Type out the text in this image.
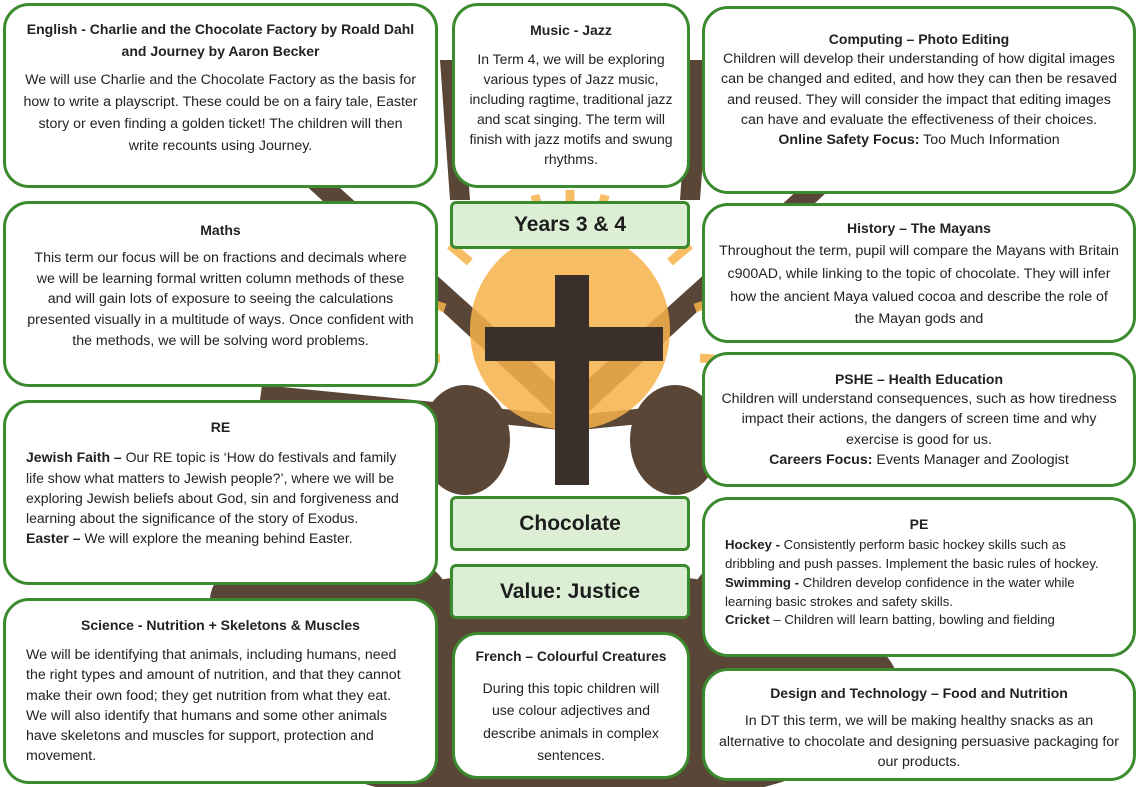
English - Charlie and the Chocolate Factory by Roald Dahl and Journey by Aaron Becker

We will use Charlie and the Chocolate Factory as the basis for how to write a playscript. These could be on a fairy tale, Easter story or even finding a golden ticket! The children will then write recounts using Journey.

Music - Jazz

In Term 4, we will be exploring various types of Jazz music, including ragtime, traditional jazz and scat singing. The term will finish with jazz motifs and swung rhythms.

Computing – Photo Editing

Children will develop their understanding of how digital images can be changed and edited, and how they can then be resaved and reused. They will consider the impact that editing images can have and evaluate the effectiveness of their choices.

Online Safety Focus: Too Much Information

Years 3 & 4
Maths

This term our focus will be on fractions and decimals where we will be learning formal written column methods of these and will gain lots of exposure to seeing the calculations presented visually in a multitude of ways. Once confident with the methods, we will be solving word problems.

History – The Mayans

Throughout the term, pupil will compare the Mayans with Britain c900AD, while linking to the topic of chocolate. They will infer how the ancient Maya valued cocoa and describe the role of the Mayan gods and

PSHE – Health Education

Children will understand consequences, such as how tiredness impact their actions, the dangers of screen time and why exercise is good for us.

Careers Focus: Events Manager and Zoologist

RE

Jewish Faith – Our RE topic is ‘How do festivals and family life show what matters to Jewish people?’, where we will be exploring Jewish beliefs about God, sin and forgiveness and learning about the significance of the story of Exodus.

Easter – We will explore the meaning behind Easter.

Chocolate
Value: Justice
PE

Hockey - Consistently perform basic hockey skills such as dribbling and push passes. Implement the basic rules of hockey.

Swimming - Children develop confidence in the water while learning basic strokes and safety skills.

Cricket – Children will learn batting, bowling and fielding

Science - Nutrition + Skeletons & Muscles

We will be identifying that animals, including humans, need the right types and amount of nutrition, and that they cannot make their own food; they get nutrition from what they eat. We will also identify that humans and some other animals have skeletons and muscles for support, protection and movement.

French – Colourful Creatures

During this topic children will use colour adjectives and describe animals in complex sentences.

Design and Technology – Food and Nutrition

In DT this term, we will be making healthy snacks as an alternative to chocolate and designing persuasive packaging for our products.
